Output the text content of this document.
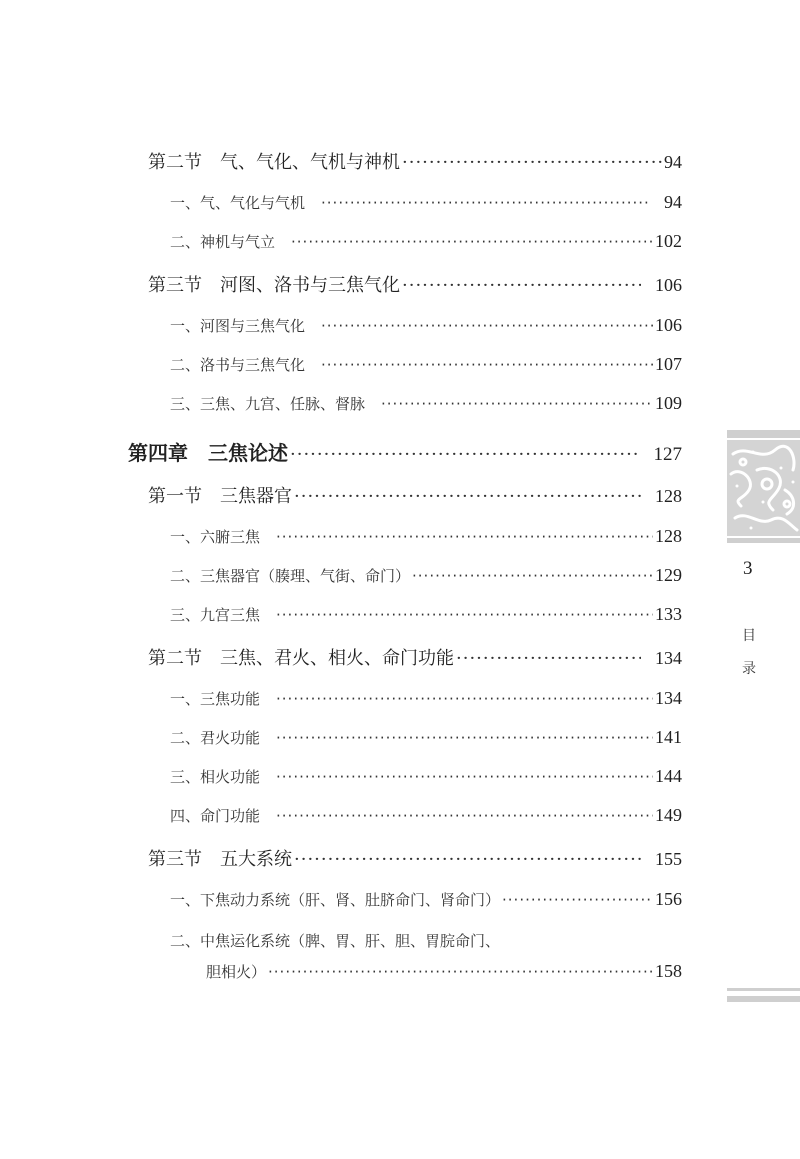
第二节　气、气化、气机与神机 ·····	94
一、气、气化与气机 ·····	94
二、神机与气立 ·····	102
第三节　河图、洛书与三焦气化 ·····	106
一、河图与三焦气化 ·····	106
二、洛书与三焦气化 ·····	107
三、三焦、九宫、任脉、督脉 ·····	109
第四章　三焦论述 ·····	127
第一节　三焦器官 ·····	128
一、六腑三焦 ·····	128
二、三焦器官（腠理、气街、命门） ·····	129
三、九宫三焦 ·····	133
第二节　三焦、君火、相火、命门功能 ·····	134
一、三焦功能 ·····	134
二、君火功能 ·····	141
三、相火功能 ·····	144
四、命门功能 ·····	149
第三节　五大系统 ·····	155
一、下焦动力系统（肝、肾、肚脐命门、肾命门） ·····	156
二、中焦运化系统（脾、胃、肝、胆、胃脘命门、
胆相火） ·····	158
3
目
录
